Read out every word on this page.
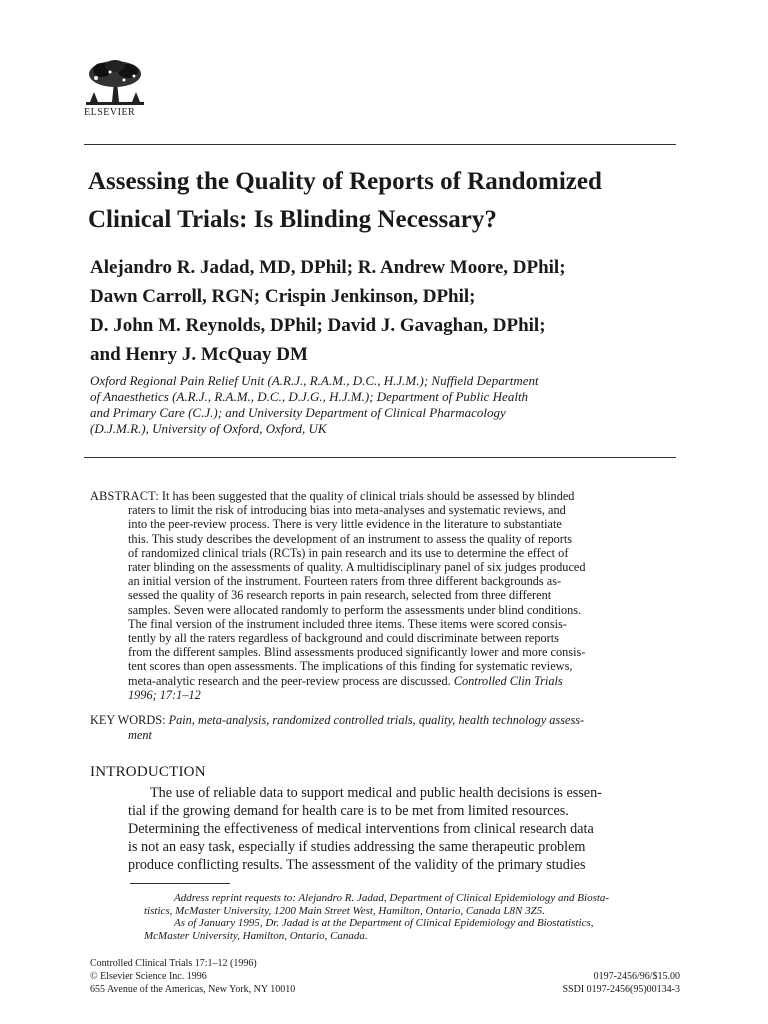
ELSEVIER
Assessing the Quality of Reports of Randomized
Clinical Trials: Is Blinding Necessary?
Alejandro R. Jadad, MD, DPhil; R. Andrew Moore, DPhil;
Dawn Carroll, RGN; Crispin Jenkinson, DPhil;
D. John M. Reynolds, DPhil; David J. Gavaghan, DPhil;
and Henry J. McQuay DM
Oxford Regional Pain Relief Unit (A.R.J., R.A.M., D.C., H.J.M.); Nuffield Department
of Anaesthetics (A.R.J., R.A.M., D.C., D.J.G., H.J.M.); Department of Public Health
and Primary Care (C.J.); and University Department of Clinical Pharmacology
(D.J.M.R.), University of Oxford, Oxford, UK
ABSTRACT: It has been suggested that the quality of clinical trials should be assessed by blinded
raters to limit the risk of introducing bias into meta-analyses and systematic reviews, and
into the peer-review process. There is very little evidence in the literature to substantiate
this. This study describes the development of an instrument to assess the quality of reports
of randomized clinical trials (RCTs) in pain research and its use to determine the effect of
rater blinding on the assessments of quality. A multidisciplinary panel of six judges produced
an initial version of the instrument. Fourteen raters from three different backgrounds as-
sessed the quality of 36 research reports in pain research, selected from three different
samples. Seven were allocated randomly to perform the assessments under blind conditions.
The final version of the instrument included three items. These items were scored consis-
tently by all the raters regardless of background and could discriminate between reports
from the different samples. Blind assessments produced significantly lower and more consis-
tent scores than open assessments. The implications of this finding for systematic reviews,
meta-analytic research and the peer-review process are discussed. Controlled Clin Trials
1996; 17:1–12
KEY WORDS: Pain, meta-analysis, randomized controlled trials, quality, health technology assess-
ment
INTRODUCTION
The use of reliable data to support medical and public health decisions is essen-
tial if the growing demand for health care is to be met from limited resources.
Determining the effectiveness of medical interventions from clinical research data
is not an easy task, especially if studies addressing the same therapeutic problem
produce conflicting results. The assessment of the validity of the primary studies
Address reprint requests to: Alejandro R. Jadad, Department of Clinical Epidemiology and Biosta-
tistics, McMaster University, 1200 Main Street West, Hamilton, Ontario, Canada L8N 3Z5.
As of January 1995, Dr. Jadad is at the Department of Clinical Epidemiology and Biostatistics,
McMaster University, Hamilton, Ontario, Canada.
Controlled Clinical Trials 17:1–12 (1996)
© Elsevier Science Inc. 1996	0197-2456/96/$15.00
655 Avenue of the Americas, New York, NY 10010	SSDI 0197-2456(95)00134-3
